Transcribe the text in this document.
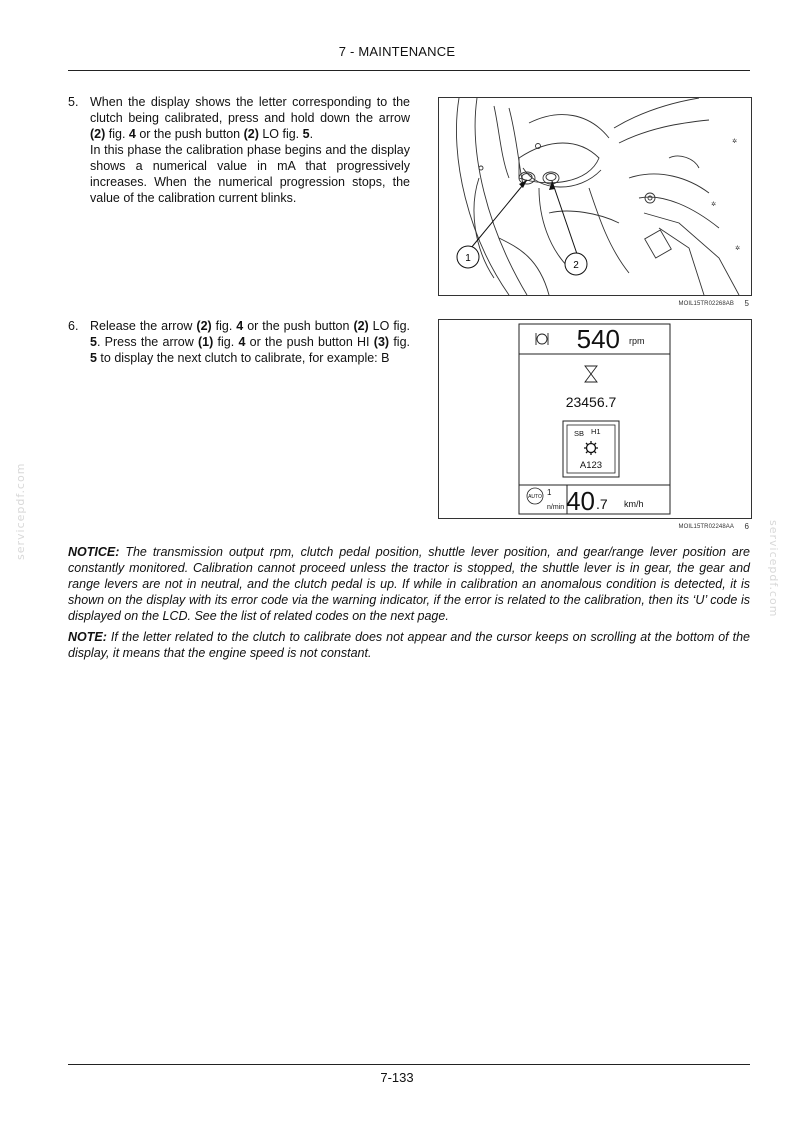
7 - MAINTENANCE
5. When the display shows the letter corresponding to the clutch being calibrated, press and hold down the arrow (2) fig. 4 or the push button (2) LO fig. 5.

In this phase the calibration phase begins and the display shows a numerical value in mA that progressively increases. When the numerical progression stops, the value of the calibration current blinks.

✲
✲
✲
1
2
MOIL15TR02268AB 5
6. Release the arrow (2) fig. 4 or the push button (2) LO fig. 5. Press the arrow (1) fig. 4 or the push button HI (3) fig. 5 to display the next clutch to calibrate, for example: B

540 rpm
23456.7
SB H1
A123
AUTO 1
n/min 40 .7 km/h
MOIL15TR02248AA 6

NOTICE: The transmission output rpm, clutch pedal position, shuttle lever position, and gear/range lever position are constantly monitored. Calibration cannot proceed unless the tractor is stopped, the shuttle lever is in gear, the gear and range levers are not in neutral, and the clutch pedal is up. If while in calibration an anomalous condition is detected, it is shown on the display with its error code via the warning indicator, if the error is related to the calibration, then its ‘U’ code is displayed on the LCD. See the list of related codes on the next page.

NOTE: If the letter related to the clutch to calibrate does not appear and the cursor keeps on scrolling at the bottom of the display, it means that the engine speed is not constant.

servicepdf.com
servicepdf.com
7-133
